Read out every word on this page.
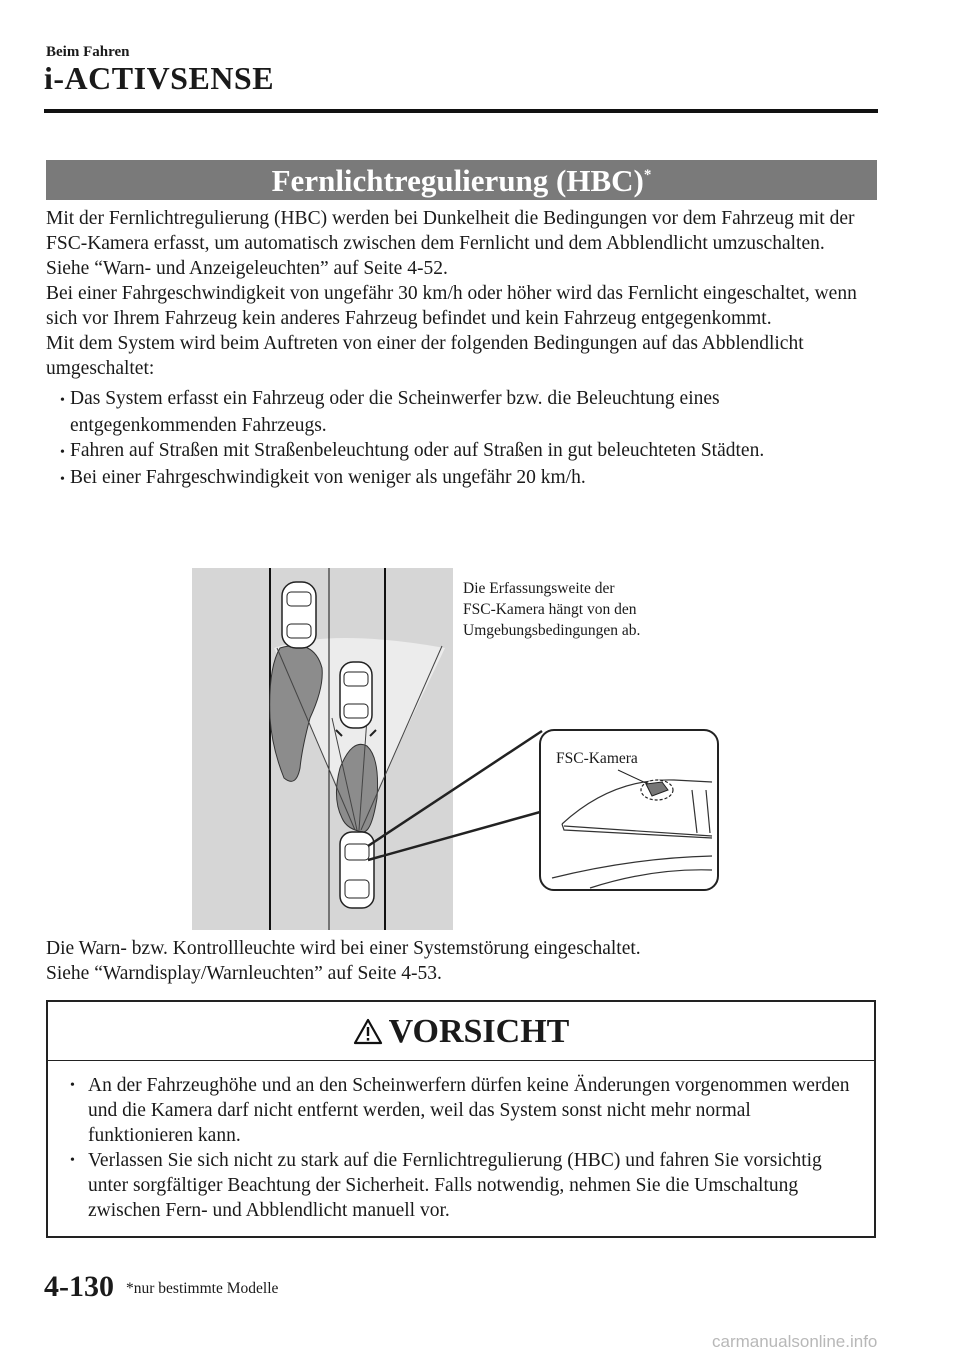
Beim Fahren
i-ACTIVSENSE
Fernlichtregulierung (HBC)*

Mit der Fernlichtregulierung (HBC) werden bei Dunkelheit die Bedingungen vor dem Fahrzeug mit der FSC-Kamera erfasst, um automatisch zwischen dem Fernlicht und dem Abblendlicht umzuschalten.

Siehe “Warn- und Anzeigeleuchten” auf Seite 4-52.

Bei einer Fahrgeschwindigkeit von ungefähr 30 km/h oder höher wird das Fernlicht eingeschaltet, wenn sich vor Ihrem Fahrzeug kein anderes Fahrzeug befindet und kein Fahrzeug entgegenkommt.

Mit dem System wird beim Auftreten von einer der folgenden Bedingungen auf das Abblendlicht umgeschaltet:

• Das System erfasst ein Fahrzeug oder die Scheinwerfer bzw. die Beleuchtung eines entgegenkommenden Fahrzeugs.
• Fahren auf Straßen mit Straßenbeleuchtung oder auf Straßen in gut beleuchteten Städten.
• Bei einer Fahrgeschwindigkeit von weniger als ungefähr 20 km/h.
Die Erfassungsweite der
FSC-Kamera hängt von den
Umgebungsbedingungen ab.
FSC-Kamera

Die Warn- bzw. Kontrollleuchte wird bei einer Systemstörung eingeschaltet.

Siehe “Warndisplay/Warnleuchten” auf Seite 4-53.

VORSICHT
• An der Fahrzeughöhe und an den Scheinwerfern dürfen keine Änderungen vorgenommen werden und die Kamera darf nicht entfernt werden, weil das System sonst nicht mehr normal funktionieren kann.
• Verlassen Sie sich nicht zu stark auf die Fernlichtregulierung (HBC) und fahren Sie vorsichtig unter sorgfältiger Beachtung der Sicherheit. Falls notwendig, nehmen Sie die Umschaltung zwischen Fern- und Abblendlicht manuell vor.
4-130 *nur bestimmte Modelle
carmanualsonline.info
